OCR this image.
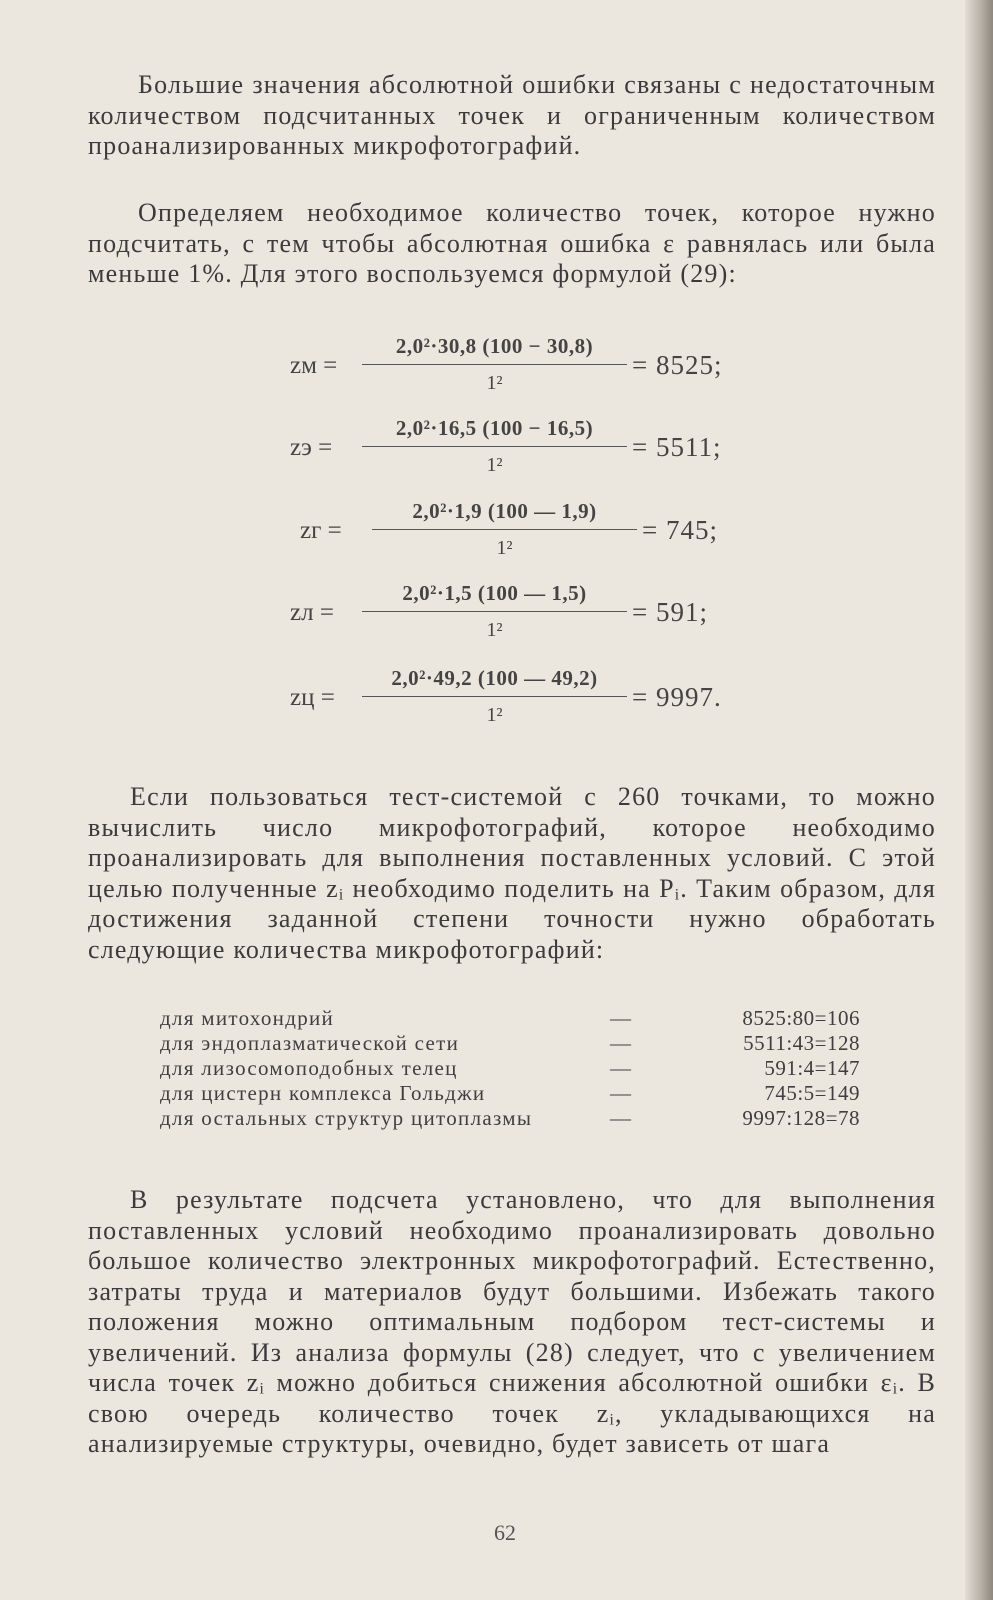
Большие значения абсолютной ошибки связаны с недостаточным количеством подсчитанных точек и ограниченным количеством проанализированных микрофотографий.
Определяем необходимое количество точек, которое нужно подсчитать, с тем чтобы абсолютная ошибка ε равнялась или была меньше 1%. Для этого воспользуемся формулой (29):
zм =
2,0²·30,8 (100 − 30,8)
1²
= 8525;
zэ =
2,0²·16,5 (100 − 16,5)
1²
= 5511;
zг =
2,0²·1,9 (100 — 1,9)
1²
= 745;
zл =
2,0²·1,5 (100 — 1,5)
1²
= 591;
zц =
2,0²·49,2 (100 — 49,2)
1²
= 9997.
Если пользоваться тест-системой с 260 точками, то можно вычислить число микрофотографий, которое необходимо проанализировать для выполнения поставленных условий. С этой целью полученные zᵢ необходимо поделить на Pᵢ. Таким образом, для достижения заданной степени точности нужно обработать следующие количества микрофотографий:
для митохондрий	—	8525:80=106
для эндоплазматической сети	—	5511:43=128
для лизосомоподобных телец	—	591:4=147
для цистерн комплекса Гольджи	—	745:5=149
для остальных структур цитоплазмы	—	9997:128=78
В результате подсчета установлено, что для выполнения поставленных условий необходимо проанализировать довольно большое количество электронных микрофотографий. Естественно, затраты труда и материалов будут большими. Избежать такого положения можно оптимальным подбором тест-системы и увеличений. Из анализа формулы (28) следует, что с увеличением числа точек zᵢ можно добиться снижения абсолютной ошибки εᵢ. В свою очередь количество точек zᵢ, укладывающихся на анализируемые структуры, очевидно, будет зависеть от шага
62
